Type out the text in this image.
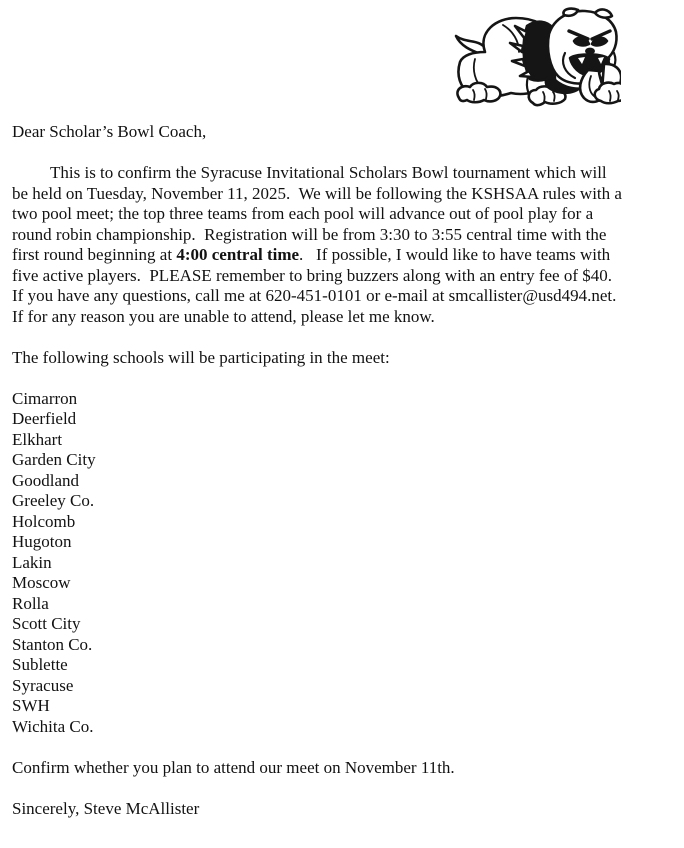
Dear Scholar’s Bowl Coach,
This is to confirm the Syracuse Invitational Scholars Bowl tournament which will
be held on Tuesday, November 11, 2025.  We will be following the KSHSAA rules with a
two pool meet; the top three teams from each pool will advance out of pool play for a
round robin championship.  Registration will be from 3:30 to 3:55 central time with the
first round beginning at 4:00 central time.   If possible, I would like to have teams with
five active players.  PLEASE remember to bring buzzers along with an entry fee of $40.
If you have any questions, call me at 620-451-0101 or e-mail at smcallister@usd494.net.
If for any reason you are unable to attend, please let me know.
The following schools will be participating in the meet:
Cimarron
Deerfield
Elkhart
Garden City
Goodland
Greeley Co.
Holcomb
Hugoton
Lakin
Moscow
Rolla
Scott City
Stanton Co.
Sublette
Syracuse
SWH
Wichita Co.
Confirm whether you plan to attend our meet on November 11th.
Sincerely, Steve McAllister
